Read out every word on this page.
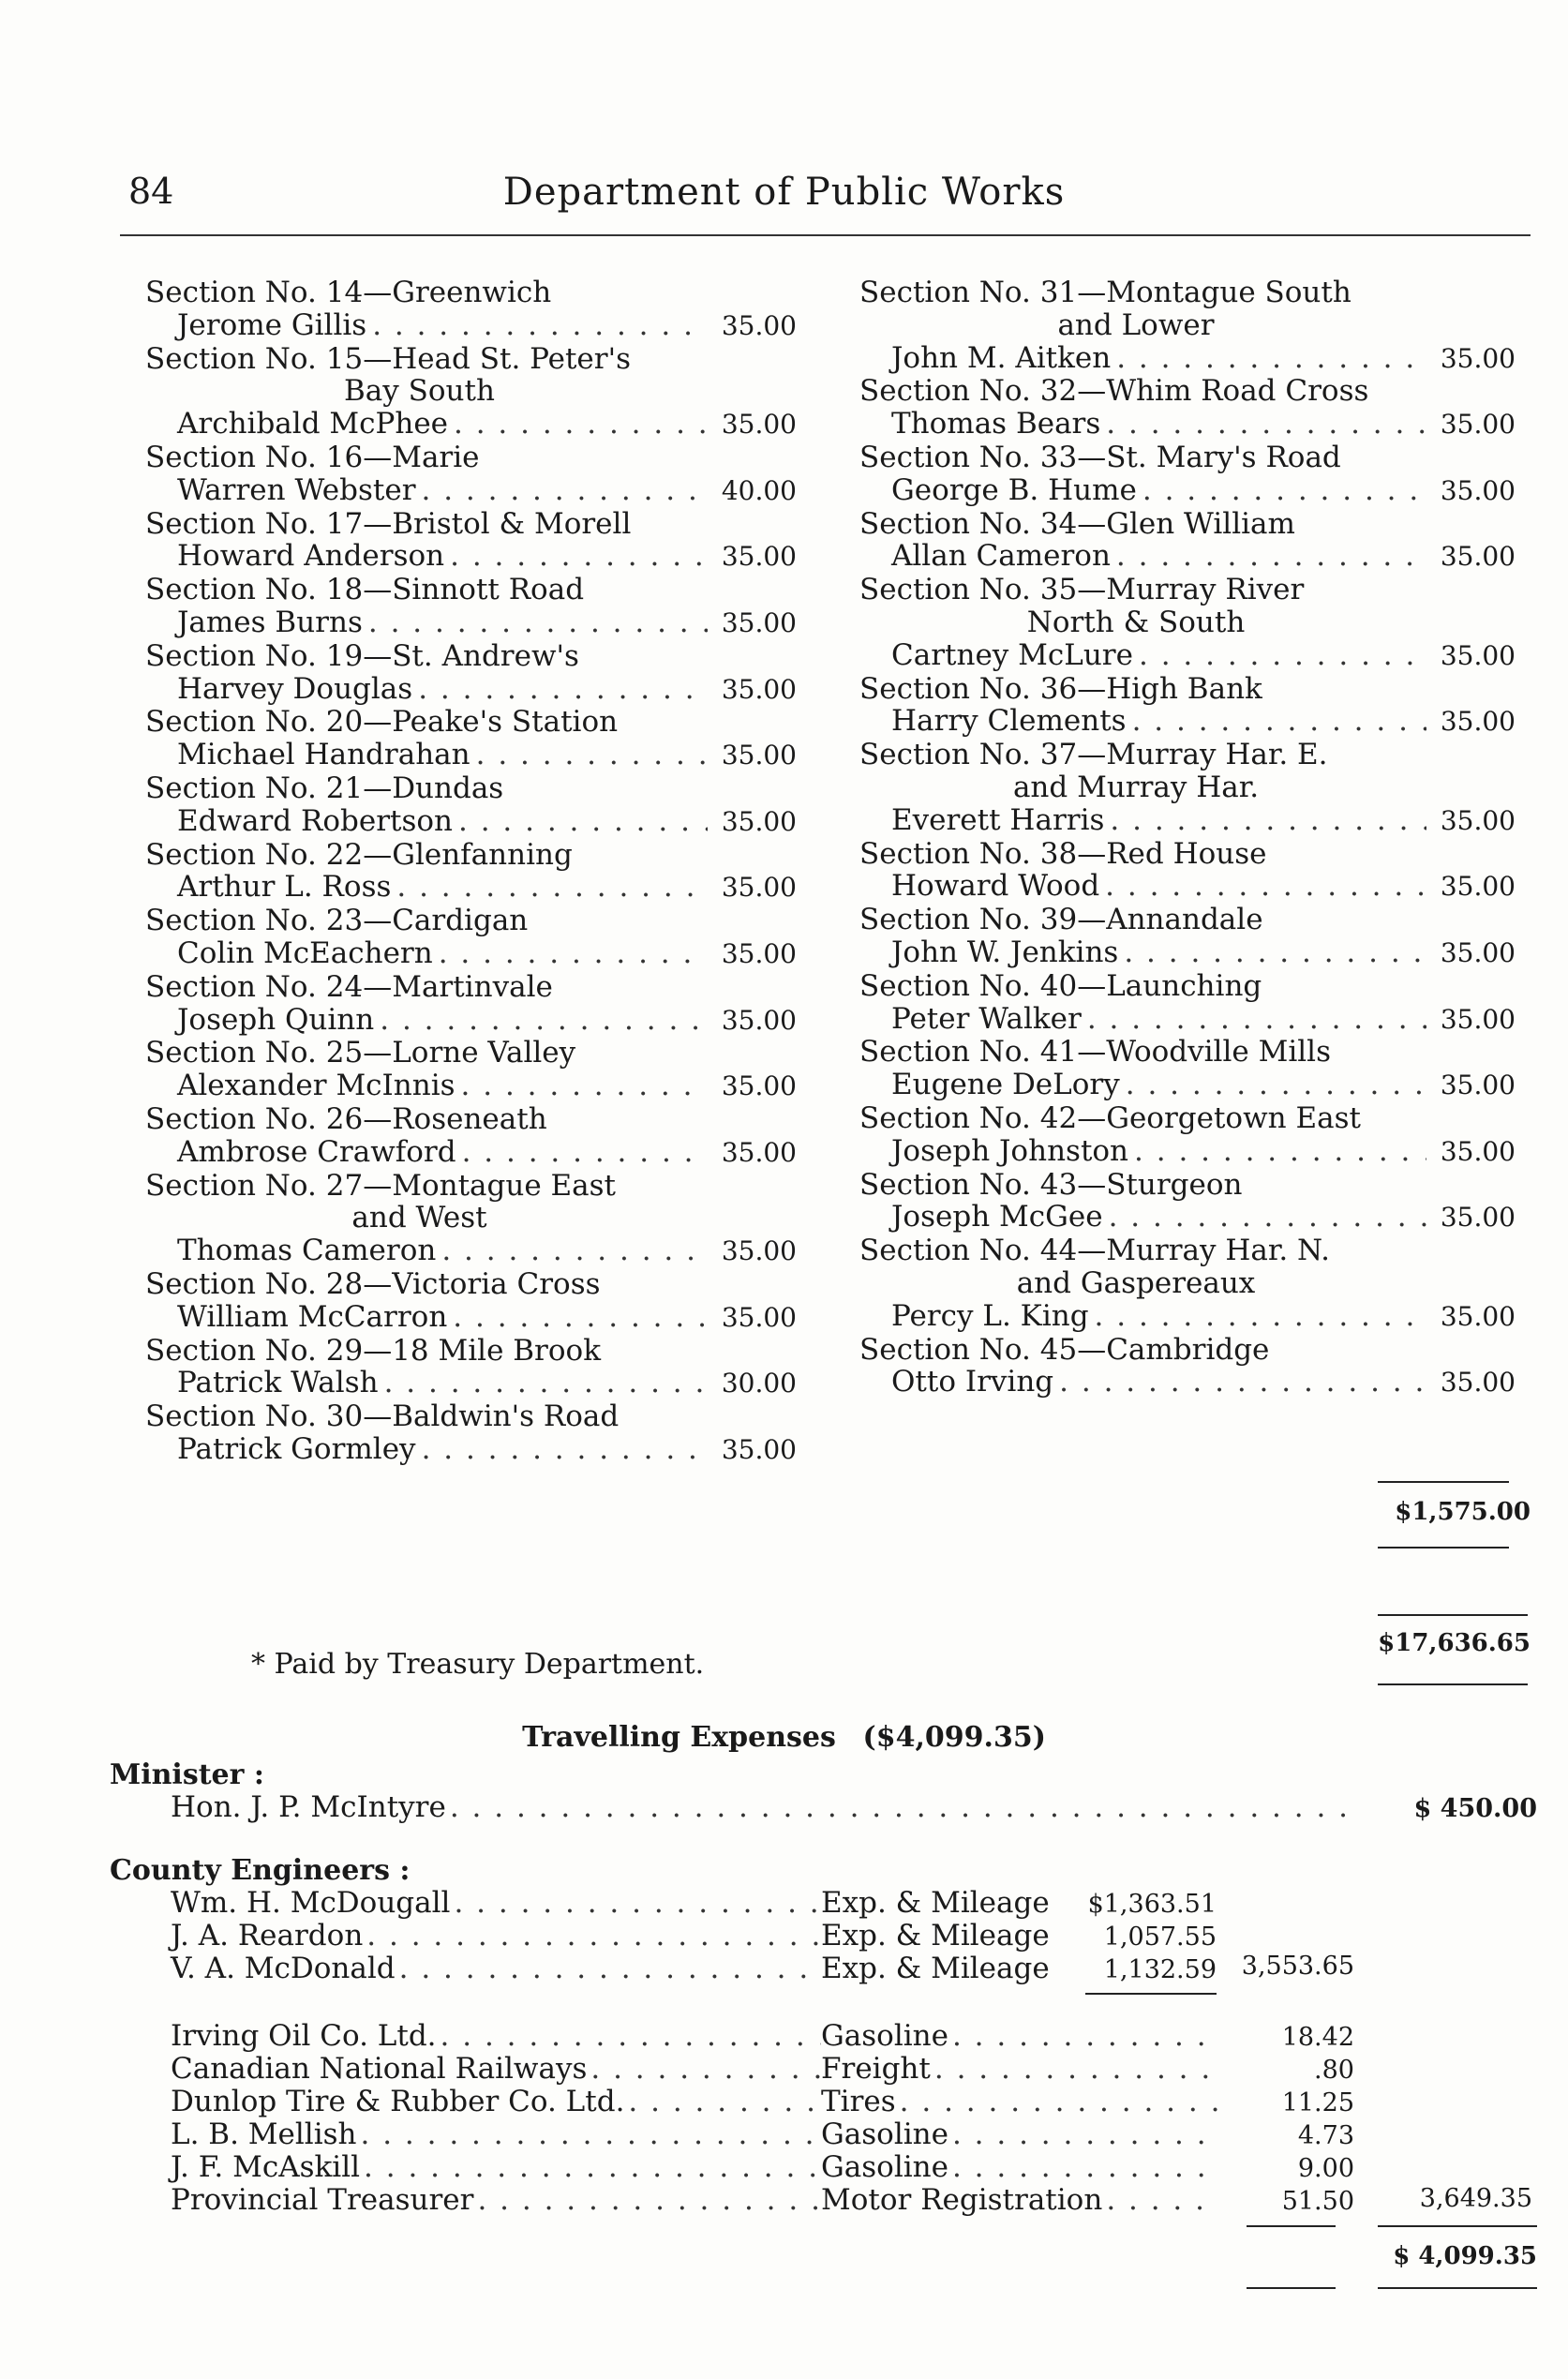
84	Department of Public Works
Section No. 14—Greenwich
Jerome Gillis . . .	35.00
Section No. 15—Head St. Peter's
Bay South
Archibald McPhee . . .	35.00
Section No. 16—Marie
Warren Webster . . .	40.00
Section No. 17—Bristol & Morell
Howard Anderson . . .	35.00
Section No. 18—Sinnott Road
James Burns . . .	35.00
Section No. 19—St. Andrew's
Harvey Douglas . . .	35.00
Section No. 20—Peake's Station
Michael Handrahan . . .	35.00
Section No. 21—Dundas
Edward Robertson . . .	35.00
Section No. 22—Glenfanning
Arthur L. Ross . . .	35.00
Section No. 23—Cardigan
Colin McEachern . . .	35.00
Section No. 24—Martinvale
Joseph Quinn . . .	35.00
Section No. 25—Lorne Valley
Alexander McInnis . . .	35.00
Section No. 26—Roseneath
Ambrose Crawford . . .	35.00
Section No. 27—Montague East
and West
Thomas Cameron . . .	35.00
Section No. 28—Victoria Cross
William McCarron . . .	35.00
Section No. 29—18 Mile Brook
Patrick Walsh . . .	30.00
Section No. 30—Baldwin's Road
Patrick Gormley . . .	35.00
Section No. 31—Montague South
and Lower
John M. Aitken . . .	35.00
Section No. 32—Whim Road Cross
Thomas Bears . . .	35.00
Section No. 33—St. Mary's Road
George B. Hume . . .	35.00
Section No. 34—Glen William
Allan Cameron . . .	35.00
Section No. 35—Murray River
North & South
Cartney McLure . . .	35.00
Section No. 36—High Bank
Harry Clements . . .	35.00
Section No. 37—Murray Har. E.
and Murray Har.
Everett Harris . . .	35.00
Section No. 38—Red House
Howard Wood . . .	35.00
Section No. 39—Annandale
John W. Jenkins . . .	35.00
Section No. 40—Launching
Peter Walker . . .	35.00
Section No. 41—Woodville Mills
Eugene DeLory . . .	35.00
Section No. 42—Georgetown East
Joseph Johnston . . .	35.00
Section No. 43—Sturgeon
Joseph McGee . . .	35.00
Section No. 44—Murray Har. N.
and Gaspereaux
Percy L. King . . .	35.00
Section No. 45—Cambridge
Otto Irving . . .	35.00
$1,575.00
$17,636.65
* Paid by Treasury Department.
Travelling Expenses ($4,099.35)
Minister :
Hon. J. P. McIntyre . . .	$ 450.00
County Engineers :
Wm. H. McDougall . . .	Exp. & Mileage	$1,363.51
J. A. Reardon . . .	Exp. & Mileage	1,057.55
V. A. McDonald . . .	Exp. & Mileage	1,132.59 3,553.65
Irving Oil Co. Ltd. . . .	Gasoline . . .	18.42
Canadian National Railways . . .	Freight . . .	.80
Dunlop Tire & Rubber Co. Ltd. . . .	Tires . . .	11.25
L. B. Mellish . . .	Gasoline . . .	4.73
J. F. McAskill . . .	Gasoline . . .	9.00
Provincial Treasurer . . .	Motor Registration . . .	51.50	3,649.35
$ 4,099.35
